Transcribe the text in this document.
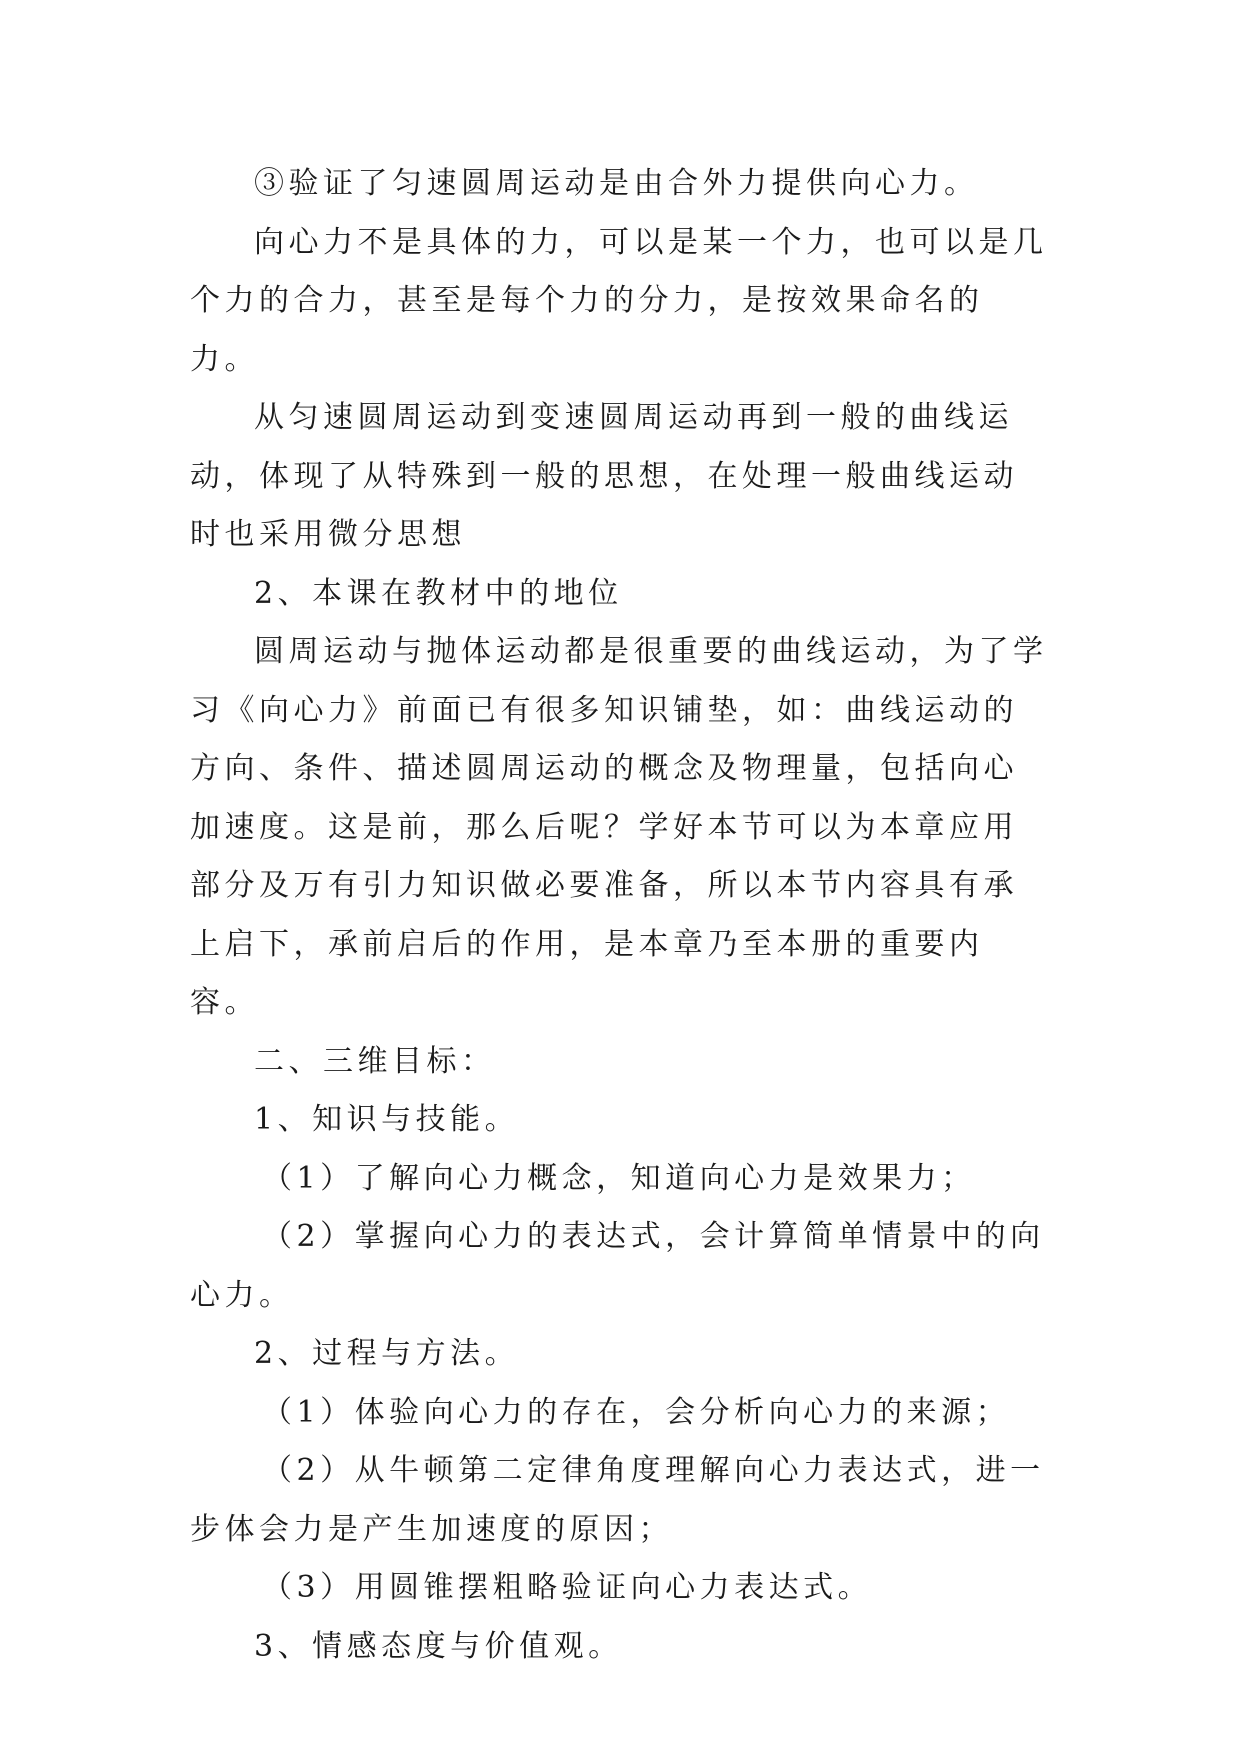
③验证了匀速圆周运动是由合外力提供向心力。

向心力不是具体的力，可以是某一个力，也可以是几个力的合力，甚至是每个力的分力，是按效果命名的力。

从匀速圆周运动到变速圆周运动再到一般的曲线运动，体现了从特殊到一般的思想，在处理一般曲线运动时也采用微分思想

2、本课在教材中的地位

圆周运动与抛体运动都是很重要的曲线运动，为了学习《向心力》前面已有很多知识铺垫，如：曲线运动的方向、条件、描述圆周运动的概念及物理量，包括向心加速度。这是前，那么后呢？学好本节可以为本章应用部分及万有引力知识做必要准备，所以本节内容具有承上启下，承前启后的作用，是本章乃至本册的重要内容。

二、三维目标：

1、知识与技能。

（1）了解向心力概念，知道向心力是效果力；

（2）掌握向心力的表达式，会计算简单情景中的向心力。

2、过程与方法。

（1）体验向心力的存在，会分析向心力的来源；

（2）从牛顿第二定律角度理解向心力表达式，进一步体会力是产生加速度的原因；

（3）用圆锥摆粗略验证向心力表达式。

3、情感态度与价值观。
